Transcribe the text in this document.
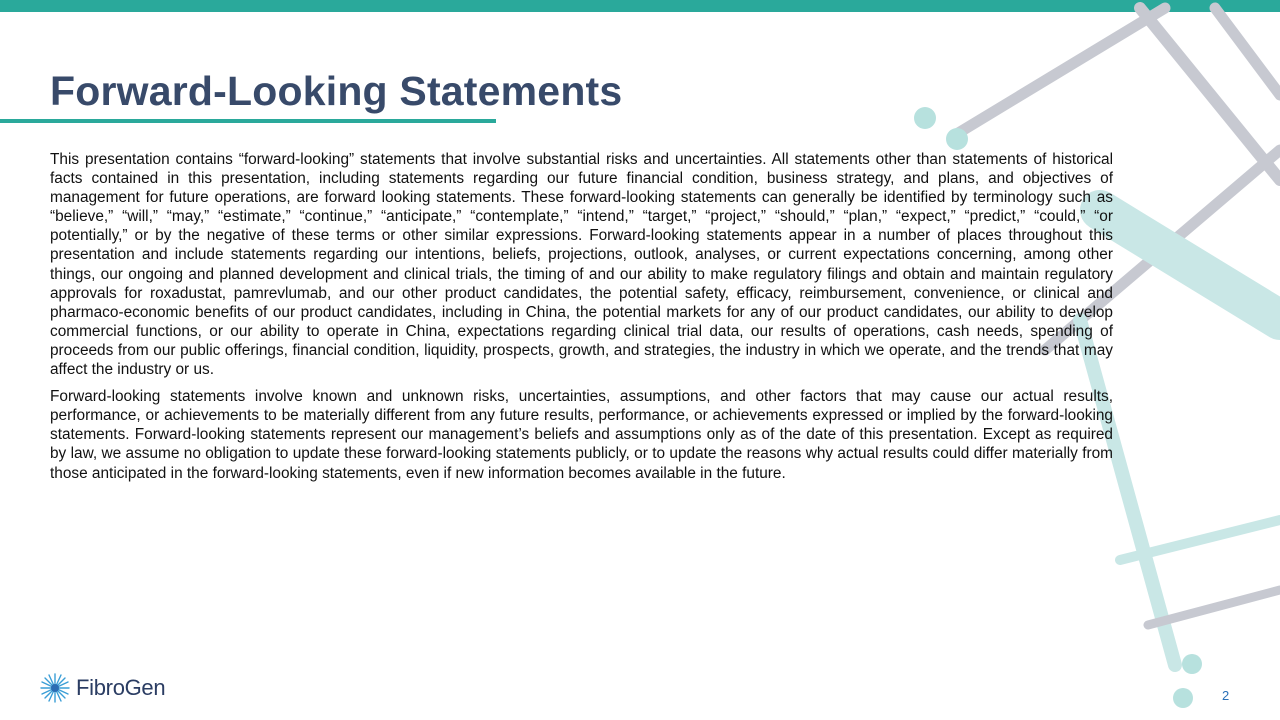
Forward-Looking Statements

This presentation contains “forward-looking” statements that involve substantial risks and uncertainties. All statements other than statements of historical facts contained in this presentation, including statements regarding our future financial condition, business strategy, and plans, and objectives of management for future operations, are forward looking statements. These forward-looking statements can generally be identified by terminology such as “believe,” “will,” “may,” “estimate,” “continue,” “anticipate,” “contemplate,” “intend,” “target,” “project,” “should,” “plan,” “expect,” “predict,” “could,” “or potentially,” or by the negative of these terms or other similar expressions. Forward-looking statements appear in a number of places throughout this presentation and include statements regarding our intentions, beliefs, projections, outlook, analyses, or current expectations concerning, among other things, our ongoing and planned development and clinical trials, the timing of and our ability to make regulatory filings and obtain and maintain regulatory approvals for roxadustat, pamrevlumab, and our other product candidates, the potential safety, efficacy, reimbursement, convenience, or clinical and pharmaco-economic benefits of our product candidates, including in China, the potential markets for any of our product candidates, our ability to develop commercial functions, or our ability to operate in China, expectations regarding clinical trial data, our results of operations, cash needs, spending of proceeds from our public offerings, financial condition, liquidity, prospects, growth, and strategies, the industry in which we operate, and the trends that may affect the industry or us.

Forward-looking statements involve known and unknown risks, uncertainties, assumptions, and other factors that may cause our actual results, performance, or achievements to be materially different from any future results, performance, or achievements expressed or implied by the forward-looking statements. Forward-looking statements represent our management’s beliefs and assumptions only as of the date of this presentation. Except as required by law, we assume no obligation to update these forward-looking statements publicly, or to update the reasons why actual results could differ materially from those anticipated in the forward-looking statements, even if new information becomes available in the future.

FibroGen	2
